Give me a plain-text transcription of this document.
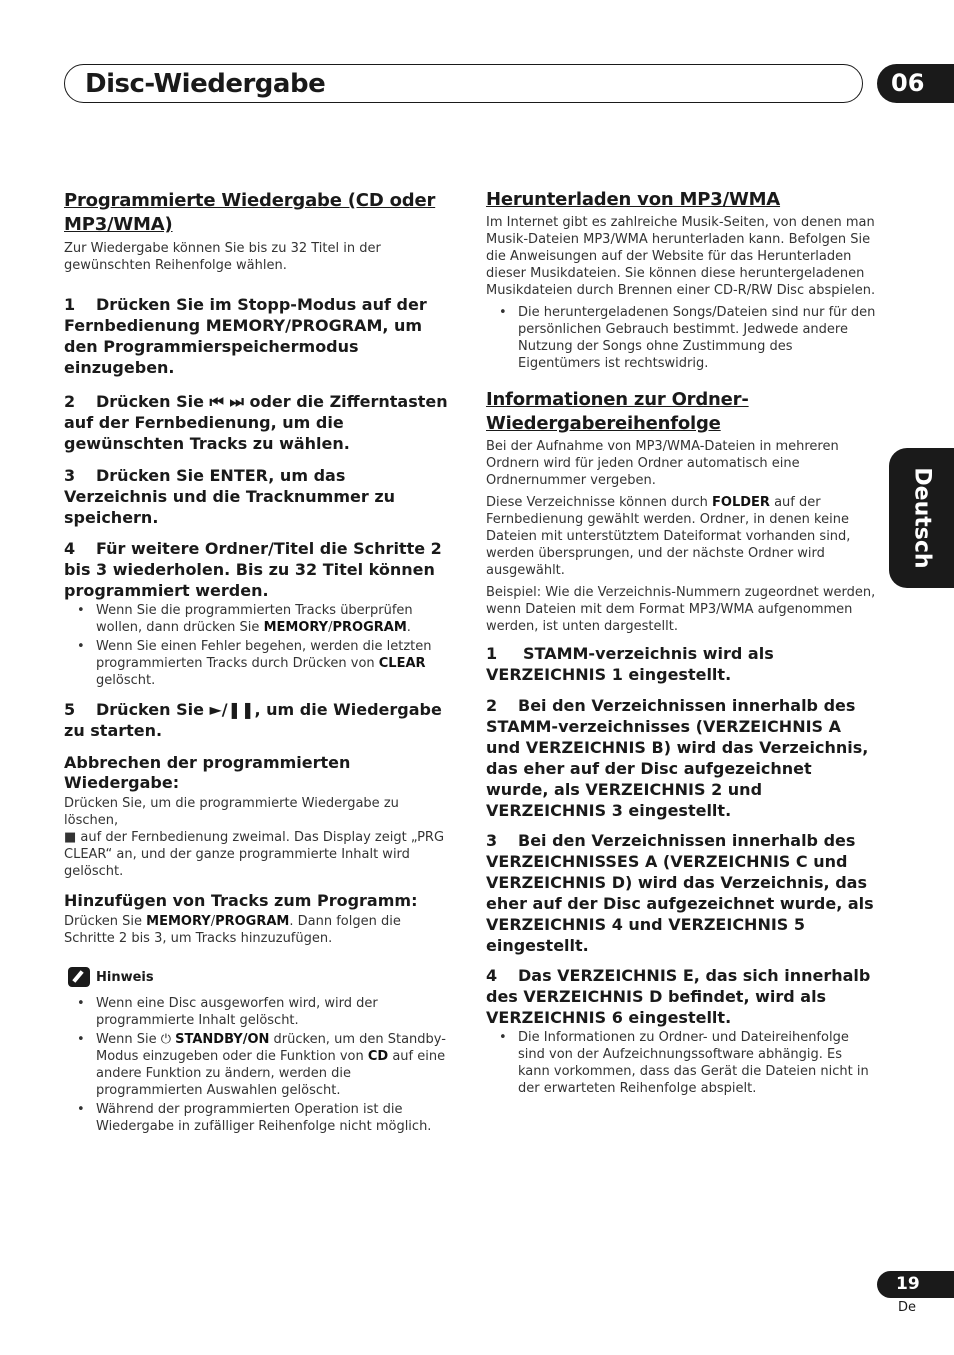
Disc-Wiedergabe	06
Deutsch
Programmierte Wiedergabe (CD oder MP3/WMA)

Zur Wiedergabe können Sie bis zu 32 Titel in der gewünschten Reihenfolge wählen.

1 Drücken Sie im Stopp-Modus auf der Fernbedienung MEMORY/PROGRAM, um den Programmierspeichermodus einzugeben.

2 Drücken Sie ⏮ ⏭ oder die Zifferntasten auf der Fernbedienung, um die gewünschten Tracks zu wählen.

3 Drücken Sie ENTER, um das Verzeichnis und die Tracknummer zu speichern.

4 Für weitere Ordner/Titel die Schritte 2 bis 3 wiederholen. Bis zu 32 Titel können programmiert werden.

• Wenn Sie die programmierten Tracks überprüfen wollen, dann drücken Sie MEMORY/PROGRAM.
• Wenn Sie einen Fehler begehen, werden die letzten programmierten Tracks durch Drücken von CLEAR gelöscht.

5 Drücken Sie ►/❚❚, um die Wiedergabe zu starten.

Abbrechen der programmierten Wiedergabe:

Drücken Sie, um die programmierte Wiedergabe zu löschen,
■ auf der Fernbedienung zweimal. Das Display zeigt „PRG CLEAR“ an, und der ganze programmierte Inhalt wird gelöscht.

Hinzufügen von Tracks zum Programm:

Drücken Sie MEMORY/PROGRAM. Dann folgen die Schritte 2 bis 3, um Tracks hinzuzufügen.

Hinweis
• Wenn eine Disc ausgeworfen wird, wird der programmierte Inhalt gelöscht.
• Wenn Sie ⏻ STANDBY/ON drücken, um den Standby-Modus einzugeben oder die Funktion von CD auf eine andere Funktion zu ändern, werden die programmierten Auswahlen gelöscht.
• Während der programmierten Operation ist die Wiedergabe in zufälliger Reihenfolge nicht möglich.
Herunterladen von MP3/WMA

Im Internet gibt es zahlreiche Musik-Seiten, von denen man Musik-Dateien MP3/WMA herunterladen kann. Befolgen Sie die Anweisungen auf der Website für das Herunterladen dieser Musikdateien. Sie können diese heruntergeladenen Musikdateien durch Brennen einer CD-R/RW Disc abspielen.

• Die heruntergeladenen Songs/Dateien sind nur für den persönlichen Gebrauch bestimmt. Jedwede andere Nutzung der Songs ohne Zustimmung des Eigentümers ist rechtswidrig.
Informationen zur Ordner-Wiedergabereihenfolge

Bei der Aufnahme von MP3/WMA-Dateien in mehreren Ordnern wird für jeden Ordner automatisch eine Ordnernummer vergeben.

Diese Verzeichnisse können durch FOLDER auf der Fernbedienung gewählt werden. Ordner, in denen keine Dateien mit unterstütztem Dateiformat vorhanden sind, werden übersprungen, und der nächste Ordner wird ausgewählt.

Beispiel: Wie die Verzeichnis-Nummern zugeordnet werden, wenn Dateien mit dem Format MP3/WMA aufgenommen werden, ist unten dargestellt.

1 STAMM-verzeichnis wird als VERZEICHNIS 1 eingestellt.

2 Bei den Verzeichnissen innerhalb des STAMM-verzeichnisses (VERZEICHNIS A und VERZEICHNIS B) wird das Verzeichnis, das eher auf der Disc aufgezeichnet wurde, als VERZEICHNIS 2 und VERZEICHNIS 3 eingestellt.

3 Bei den Verzeichnissen innerhalb des VERZEICHNISSES A (VERZEICHNIS C und VERZEICHNIS D) wird das Verzeichnis, das eher auf der Disc aufgezeichnet wurde, als VERZEICHNIS 4 und VERZEICHNIS 5 eingestellt.

4 Das VERZEICHNIS E, das sich innerhalb des VERZEICHNIS D befindet, wird als VERZEICHNIS 6 eingestellt.

• Die Informationen zu Ordner- und Dateireihenfolge sind von der Aufzeichnungssoftware abhängig. Es kann vorkommen, dass das Gerät die Dateien nicht in der erwarteten Reihenfolge abspielt.
19
De
